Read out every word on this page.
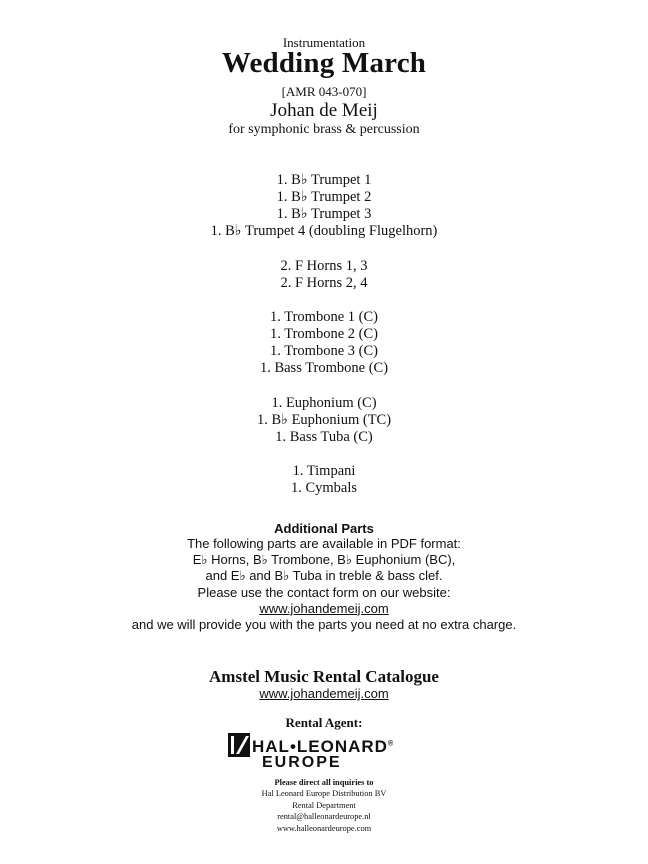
Instrumentation
Wedding March
[AMR 043-070]
Johan de Meij
for symphonic brass & percussion
1. B♭ Trumpet 1
1. B♭ Trumpet 2
1. B♭ Trumpet 3
1. B♭ Trumpet 4 (doubling Flugelhorn)
2. F Horns 1, 3
2. F Horns 2, 4
1. Trombone 1 (C)
1. Trombone 2 (C)
1. Trombone 3 (C)
1. Bass Trombone (C)
1. Euphonium (C)
1. B♭ Euphonium (TC)
1. Bass Tuba (C)
1. Timpani
1. Cymbals
Additional Parts
The following parts are available in PDF format:
E♭ Horns, B♭ Trombone, B♭ Euphonium (BC),
and E♭ and B♭ Tuba in treble & bass clef.
Please use the contact form on our website:
www.johandemeij.com
and we will provide you with the parts you need at no extra charge.
Amstel Music Rental Catalogue
www.johandemeij.com
Rental Agent:
HAL•LEONARD®
EUROPE
Please direct all inquiries to
Hal Leonard Europe Distribution BV
Rental Department
rental@halleonardeurope.nl
www.halleonardeurope.com
